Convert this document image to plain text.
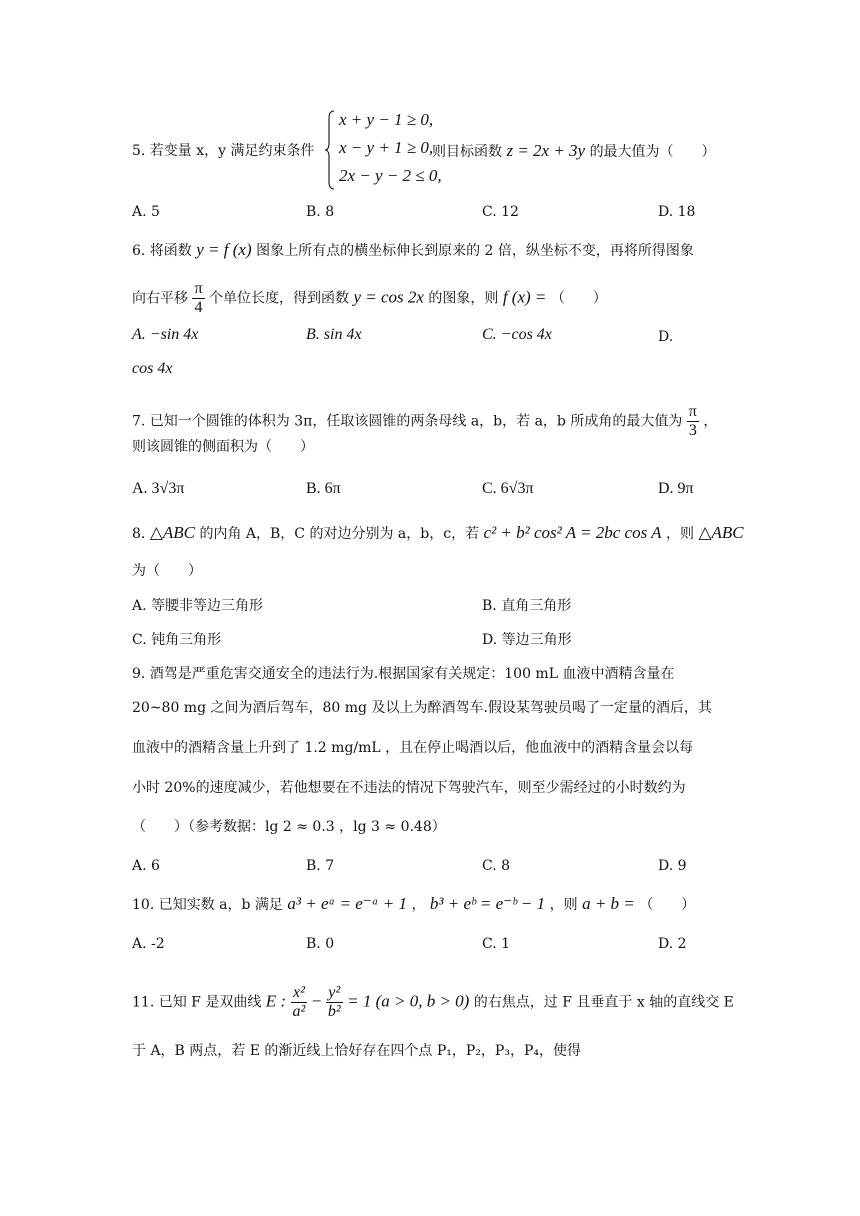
5. 若变量 x，y 满足约束条件
x + y − 1 ≥ 0,
x − y + 1 ≥ 0,
2x − y − 2 ≤ 0,
则目标函数 z = 2x + 3y 的最大值为（　　）
A. 5	B. 8	C. 12	D. 18
6. 将函数 y = f (x) 图象上所有点的横坐标伸长到原来的 2 倍，纵坐标不变，再将所得图象
向右平移 $\frac{\pi}{4}$ 个单位长度，得到函数 y = cos 2x 的图象，则 f (x) = （　　）
A. −sin 4x	B. sin 4x	C. −cos 4x	D.
cos 4x
7. 已知一个圆锥的体积为 3π，任取该圆锥的两条母线 a，b，若 a，b 所成角的最大值为 $\frac{\pi}{3}$ ，
则该圆锥的侧面积为（　　）
A. 3√3π	B. 6π	C. 6√3π	D. 9π
8. △ABC 的内角 A，B，C 的对边分别为 a，b，c，若 c² + b² cos² A = 2bc cos A ，则 △ABC
为（　　）
A. 等腰非等边三角形	B. 直角三角形
C. 钝角三角形	D. 等边三角形
9. 酒驾是严重危害交通安全的违法行为.根据国家有关规定：100 mL 血液中酒精含量在
20~80 mg 之间为酒后驾车，80 mg 及以上为醉酒驾车.假设某驾驶员喝了一定量的酒后，其
血液中的酒精含量上升到了 1.2 mg/mL ，且在停止喝酒以后，他血液中的酒精含量会以每
小时 20%的速度减少，若他想要在不违法的情况下驾驶汽车，则至少需经过的小时数约为
（　　）（参考数据：lg 2 ≈ 0.3 ，lg 3 ≈ 0.48）
A. 6	B. 7	C. 8	D. 9
10. 已知实数 a，b 满足 a³ + eᵃ = e⁻ᵃ + 1 ， b³ + eᵇ = e⁻ᵇ − 1 ，则 a + b = （　　）
A. -2	B. 0	C. 1	D. 2
11. 已知 F 是双曲线 E : $\frac{\text{x²}}{\text{a²}} - \frac{\text{y²}}{\text{b²}} = 1$ (a > 0, b > 0) 的右焦点，过 F 且垂直于 x 轴的直线交 E
于 A，B 两点，若 E 的渐近线上恰好存在四个点 P₁，P₂，P₃，P₄，使得
